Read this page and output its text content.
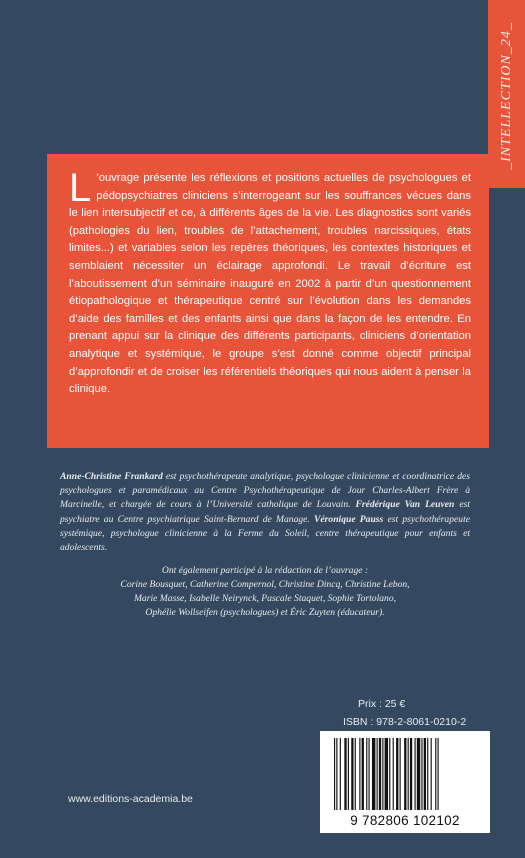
_INTELLECTION_24_

L ’ouvrage présente les réflexions et positions actuelles de psychologues et pédopsychiatres cliniciens s’interrogeant sur les souffrances vécues dans le lien intersubjectif et ce, à différents âges de la vie. Les diagnostics sont variés (pathologies du lien, troubles de l’attachement, troubles narcissiques, états limites...) et variables selon les repères théoriques, les contextes historiques et semblaient nécessiter un éclairage approfondi. Le travail d’écriture est l’aboutissement d’un séminaire inauguré en 2002 à partir d’un questionnement étiopathologique et thérapeutique centré sur l’évolution dans les demandes d’aide des familles et des enfants ainsi que dans la façon de les entendre. En prenant appui sur la clinique des différents participants, cliniciens d’orientation analytique et systémique, le groupe s’est donné comme objectif principal d’approfondir et de croiser les référentiels théoriques qui nous aident à penser la clinique.

Anne-Christine Frankard est psychothérapeute analytique, psychologue clinicienne et coordinatrice des psychologues et paramédicaux au Centre Psychothérapeutique de Jour Charles-Albert Frère à Marcinelle, et chargée de cours à l’Université catholique de Louvain. Frédérique Van Leuven est psychiatre au Centre psychiatrique Saint-Bernard de Manage. Véronique Pauss est psychothérapeute systémique, psychologue clinicienne à la Ferme du Soleil, centre thérapeutique pour enfants et adolescents.

Ont également participé à la rédaction de l’ouvrage :
Corine Bousquet, Catherine Compernol, Christine Dincq, Christine Lebon,
Marie Masse, Isabelle Neirynck, Pascale Staquet, Sophie Tortolano,
Ophélie Wollseifen (psychologues) et Éric Zuyten (éducateur).
Prix : 25 €
ISBN : 978-2-8061-0210-2
9 782806 102102
www.editions-academia.be
